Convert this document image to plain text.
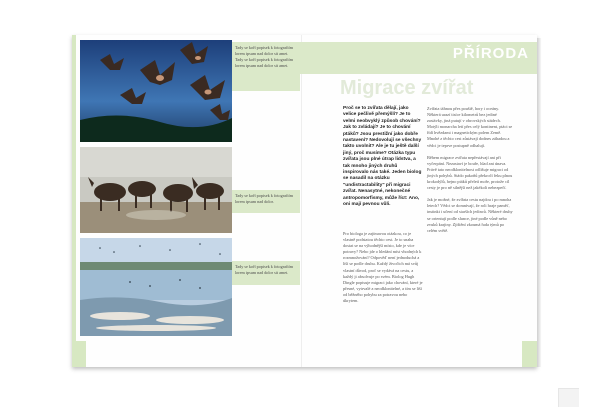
PŘÍRODA
Tady se koří popisek k fotografiím lorem ipsum nad dolor sit amet. Tady se koří popisek k fotografiím lorem ipsum nad dolor sit amet.
Tady se koří popisek k fotografiím lorem ipsum nad dolor.
Tady se koří popisek k fotografiím lorem ipsum nad dolor sit amet.
Migrace zvířat

Proč se to zvířata dělají, jako velice pečlivě přemýšlí? Je to velmi neobvyklý způsob chování? Jak to zvládají? Je to chování ptáků? Jsou prestižní jako dobře nastavení? Nedovolují se všechny takto uvolnit? Ale je tu ještě další jiný, proč musíme? Otázka typu zvířata jsou plné útrap lidstva, a tak mnoho jiných druhů inspirovalo nás také. Jeden biolog se nasadil na otázku "undistractability" při migraci zvířat. Nenasytné, nekonečné antropomorfismy, může říct: Ano, oni mají pevnou vůli.

Pro biologa je zajímavou otázkou, co je vlastně podstatou těchto cest. Je to snaha dostat se na výhodnější místo, kde je více potravy? Nebo jde o hledání míst vhodných k rozmnožování? Odpověď není jednoduchá a liší se podle druhu. Každý živočich má svůj vlastní důvod, proč se vydává na cestu, a každý ji absolvuje po svém. Biolog Hugh Dingle popisuje migraci jako chování, které je přesné, vytrvalé a neodklonitelné, a tím se liší od běžného pohybu za potravou nebo úkrytem.

Zvířata táhnou přes pouště, hory i oceány. Některá urazí tisíce kilometrů bez jediné zastávky, jiná putují v obrovských stádech. Motýli monarcha letí přes celý kontinent, ptáci se řídí hvězdami i magnetickým polem Země. Mnohé z těchto cest zůstávají dodnes záhadou a vědci je teprve postupně odhalují.

Během migrace zvířata nepřestávají ani při vyčerpání. Nezastaví je bouře, hlad ani únava. Právě tato neodklonitelnost odlišuje migraci od jiných pohybů. Stádo pakoňů překročí řeku plnou krokodýlů, hejno ptáků přeletí moře, protože cíl cesty je pro ně silnější než jakékoli nebezpečí.

Jak je možné, že zvířata cestu najdou i po mnoha letech? Vědci se domnívají, že roli hraje paměť, instinkt i učení od starších jedinců. Některé druhy se orientují podle slunce, jiné podle vůně nebo zvuků krajiny. Zjištění zkoumá řada týmů po celém světě.
